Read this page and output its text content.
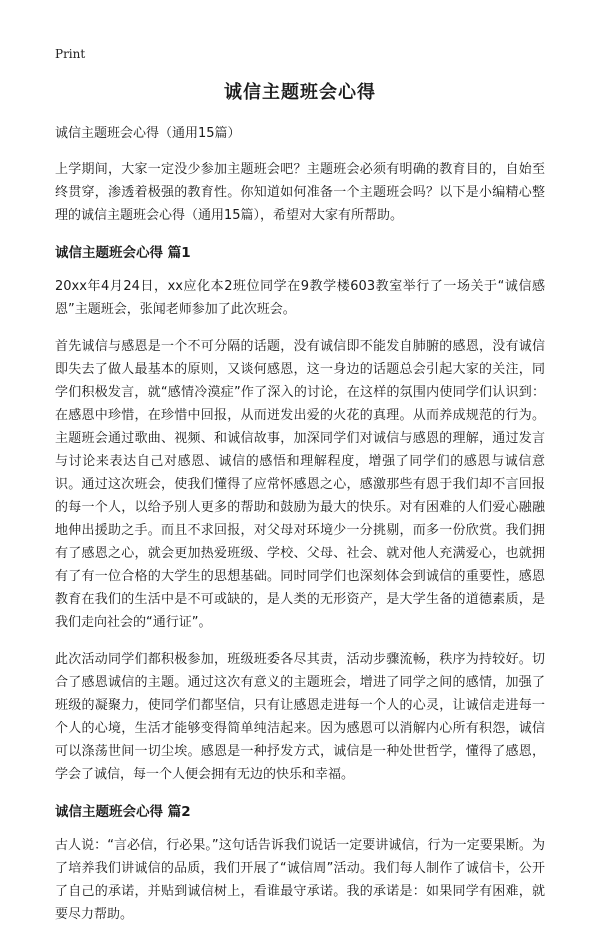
Print
诚信主题班会心得
诚信主题班会心得（通用15篇）

上学期间，大家一定没少参加主题班会吧？主题班会必须有明确的教育目的，自始至终贯穿，渗透着极强的教育性。你知道如何准备一个主题班会吗？以下是小编精心整理的诚信主题班会心得（通用15篇），希望对大家有所帮助。

诚信主题班会心得 篇1

20xx年4月24日，xx应化本2班位同学在9教学楼603教室举行了一场关于“诚信感恩”主题班会，张闻老师参加了此次班会。

首先诚信与感恩是一个不可分隔的话题，没有诚信即不能发自肺腑的感恩，没有诚信即失去了做人最基本的原则，又谈何感恩，这一身边的话题总会引起大家的关注，同学们积极发言，就“感情冷漠症”作了深入的讨论，在这样的氛围内使同学们认识到：在感恩中珍惜，在珍惜中回报，从而迸发出爱的火花的真理。从而养成规范的行为。主题班会通过歌曲、视频、和诚信故事，加深同学们对诚信与感恩的理解，通过发言与讨论来表达自己对感恩、诚信的感悟和理解程度，增强了同学们的感恩与诚信意识。通过这次班会，使我们懂得了应常怀感恩之心，感激那些有恩于我们却不言回报的每一个人，以给予别人更多的帮助和鼓励为最大的快乐。对有困难的人们爱心融融地伸出援助之手。而且不求回报，对父母对环境少一分挑剔，而多一份欣赏。我们拥有了感恩之心，就会更加热爱班级、学校、父母、社会、就对他人充满爱心，也就拥有了有一位合格的大学生的思想基础。同时同学们也深刻体会到诚信的重要性，感恩教育在我们的生活中是不可或缺的，是人类的无形资产，是大学生备的道德素质，是我们走向社会的“通行证”。

此次活动同学们都积极参加，班级班委各尽其责，活动步骤流畅，秩序为持较好。切合了感恩诚信的主题。通过这次有意义的主题班会，增进了同学之间的感情，加强了班级的凝聚力，使同学们都坚信，只有让感恩走进每一个人的心灵，让诚信走进每一个人的心境，生活才能够变得简单纯洁起来。因为感恩可以消解内心所有积怨，诚信可以涤荡世间一切尘埃。感恩是一种抒发方式，诚信是一种处世哲学，懂得了感恩，学会了诚信，每一个人便会拥有无边的快乐和幸福。

诚信主题班会心得 篇2

古人说：“言必信，行必果。”这句话告诉我们说话一定要讲诚信，行为一定要果断。为了培养我们讲诚信的品质，我们开展了“诚信周”活动。我们每人制作了诚信卡，公开了自己的承诺，并贴到诚信树上，看谁最守承诺。我的承诺是：如果同学有困难，就要尽力帮助。
